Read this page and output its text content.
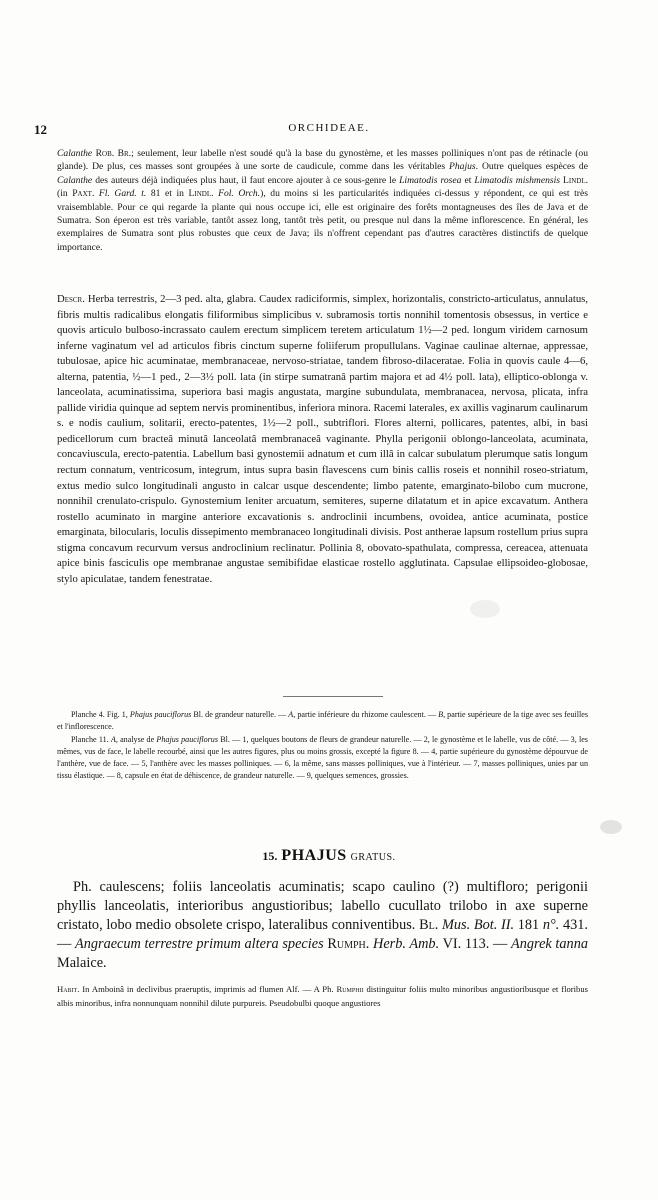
12	ORCHIDEAE.
Calanthe Rob. Br.; seulement, leur labelle n'est soudé qu'à la base du gynostème, et les masses polliniques n'ont pas de rétinacle (ou glande). De plus, ces masses sont groupées à une sorte de caudicule, comme dans les véritables Phajus. Outre quelques espèces de Calanthe des auteurs déjà indiquées plus haut, il faut encore ajouter à ce sous-genre le Limatodis rosea et Limatodis mishmensis Lindl. (in Paxt. Fl. Gard. t. 81 et in Lindl. Fol. Orch.), du moins si les particularités indiquées ci-dessus y répondent, ce qui est très vraisemblable. Pour ce qui regarde la plante qui nous occupe ici, elle est originaire des forêts montagneuses des îles de Java et de Sumatra. Son éperon est très variable, tantôt assez long, tantôt très petit, ou presque nul dans la même inflorescence. En général, les exemplaires de Sumatra sont plus robustes que ceux de Java; ils n'offrent cependant pas d'autres caractères distinctifs de quelque importance.
Descr. Herba terrestris, 2—3 ped. alta, glabra. Caudex radiciformis, simplex, horizontalis, constricto-articulatus, annulatus, fibris multis radicalibus elongatis filiformibus simplicibus v. subramosis tortis nonnihil tomentosis obsessus, in vertice e quovis articulo bulboso-incrassato caulem erectum simplicem teretem articulatum 1½—2 ped. longum viridem carnosum inferne vaginatum vel ad articulos fibris cinctum superne foliiferum propullulans. Vaginae caulinae alternae, appressae, tubulosae, apice hic acuminatae, membranaceae, nervoso-striatae, tandem fibroso-dilaceratae. Folia in quovis caule 4—6, alterna, patentia, ½—1 ped., 2—3½ poll. lata (in stirpe sumatranâ partim majora et ad 4½ poll. lata), elliptico-oblonga v. lanceolata, acuminatissima, superiora basi magis angustata, margine subundulata, membranacea, nervosa, plicata, infra pallide viridia quinque ad septem nervis prominentibus, inferiora minora. Racemi laterales, ex axillis vaginarum caulinarum s. e nodis caulium, solitarii, erecto-patentes, 1½—2 poll., subtriflori. Flores alterni, pollicares, patentes, albi, in basi pedicellorum cum bracteâ minutâ lanceolatâ membranaceâ vaginante. Phylla perigonii oblongo-lanceolata, acuminata, concaviuscula, erecto-patentia. Labellum basi gynostemii adnatum et cum illâ in calcar subulatum plerumque satis longum rectum connatum, ventricosum, integrum, intus supra basin flavescens cum binis callis roseis et nonnihil roseo-striatum, extus medio sulco longitudinali angusto in calcar usque descendente; limbo patente, emarginato-bilobo cum mucrone, nonnihil crenulato-crispulo. Gynostemium leniter arcuatum, semiteres, superne dilatatum et in apice excavatum. Anthera rostello acuminato in margine anteriore excavationis s. androclinii incumbens, ovoidea, antice acuminata, postice emarginata, bilocularis, loculis dissepimento membranaceo longitudinali divisis. Post antherae lapsum rostellum prius supra stigma concavum recurvum versus androclinium reclinatur. Pollinia 8, obovato-spathulata, compressa, cereacea, attenuata apice binis fasciculis ope membranae angustae semibifidae elasticae rostello agglutinata. Capsulae ellipsoideo-globosae, stylo apiculatae, tandem fenestratae.

Planche 4. Fig. 1, Phajus pauciflorus Bl. de grandeur naturelle. — A, partie inférieure du rhizome caulescent. — B, partie supérieure de la tige avec ses feuilles et l'inflorescence.

Planche 11. A, analyse de Phajus pauciflorus Bl. — 1, quelques boutons de fleurs de grandeur naturelle. — 2, le gynostème et le labelle, vus de côté. — 3, les mêmes, vus de face, le labelle recourbé, ainsi que les autres figures, plus ou moins grossis, excepté la figure 8. — 4, partie supérieure du gynostème dépourvue de l'anthère, vue de face. — 5, l'anthère avec les masses polliniques. — 6, la même, sans masses polliniques, vue à l'intérieur. — 7, masses polliniques, unies par un tissu élastique. — 8, capsule en état de déhiscence, de grandeur naturelle. — 9, quelques semences, grossies.

15. PHAJUS GRATUS.
Ph. caulescens; foliis lanceolatis acuminatis; scapo caulino (?) multifloro; perigonii phyllis lanceolatis, interioribus angustioribus; labello cucullato trilobo in axe superne cristato, lobo medio obsolete crispo, lateralibus conniventibus. Bl. Mus. Bot. II. 181 n°. 431. — Angraecum terrestre primum altera species Rumph. Herb. Amb. VI. 113. — Angrek tanna Malaice.
Habit. In Amboinâ in declivibus praeruptis, imprimis ad flumen Alf. — A Ph. Rumphii distinguitur foliis multo minoribus angustioribusque et floribus albis minoribus, infra nonnunquam nonnihil dilute purpureis. Pseudobulbi quoque angustiores
